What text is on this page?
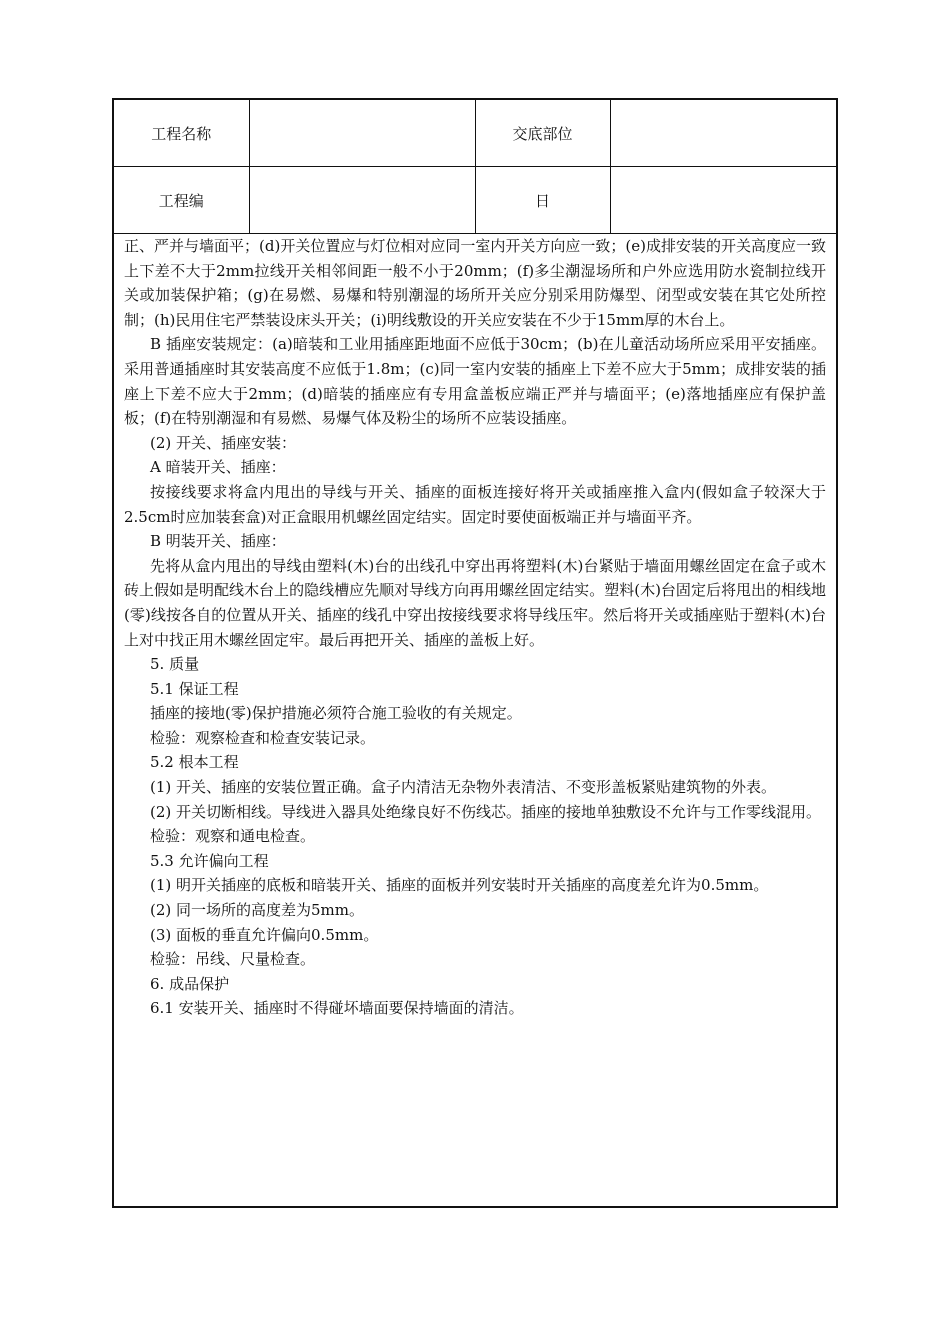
工程名称		交底部位	
工程编		日	

正、严并与墙面平；(d)开关位置应与灯位相对应同一室内开关方向应一致；(e)成排安装的开关高度应一致上下差不大于2mm拉线开关相邻间距一般不小于20mm；(f)多尘潮湿场所和户外应选用防水瓷制拉线开关或加装保护箱；(g)在易燃、易爆和特别潮湿的场所开关应分别采用防爆型、闭型或安装在其它处所控制；(h)民用住宅严禁装设床头开关；(i)明线敷设的开关应安装在不少于15mm厚的木台上。

B 插座安装规定：(a)暗装和工业用插座距地面不应低于30cm；(b)在儿童活动场所应采用平安插座。采用普通插座时其安装高度不应低于1.8m；(c)同一室内安装的插座上下差不应大于5mm；成排安装的插座上下差不应大于2mm；(d)暗装的插座应有专用盒盖板应端正严并与墙面平；(e)落地插座应有保护盖板；(f)在特别潮湿和有易燃、易爆气体及粉尘的场所不应装设插座。

(2) 开关、插座安装：

A 暗装开关、插座：

按接线要求将盒内甩出的导线与开关、插座的面板连接好将开关或插座推入盒内(假如盒子较深大于2.5cm时应加装套盒)对正盒眼用机螺丝固定结实。固定时要使面板端正并与墙面平齐。

B 明装开关、插座：

先将从盒内甩出的导线由塑料(木)台的出线孔中穿出再将塑料(木)台紧贴于墙面用螺丝固定在盒子或木砖上假如是明配线木台上的隐线槽应先顺对导线方向再用螺丝固定结实。塑料(木)台固定后将甩出的相线地(零)线按各自的位置从开关、插座的线孔中穿出按接线要求将导线压牢。然后将开关或插座贴于塑料(木)台上对中找正用木螺丝固定牢。最后再把开关、插座的盖板上好。

5. 质量

5.1 保证工程

插座的接地(零)保护措施必须符合施工验收的有关规定。

检验：观察检查和检查安装记录。

5.2 根本工程

(1) 开关、插座的安装位置正确。盒子内清洁无杂物外表清洁、不变形盖板紧贴建筑物的外表。

(2) 开关切断相线。导线进入器具处绝缘良好不伤线芯。插座的接地单独敷设不允许与工作零线混用。

检验：观察和通电检查。

5.3 允许偏向工程

(1) 明开关插座的底板和暗装开关、插座的面板并列安装时开关插座的高度差允许为0.5mm。

(2) 同一场所的高度差为5mm。

(3) 面板的垂直允许偏向0.5mm。

检验：吊线、尺量检查。

6. 成品保护

6.1 安装开关、插座时不得碰坏墙面要保持墙面的清洁。
